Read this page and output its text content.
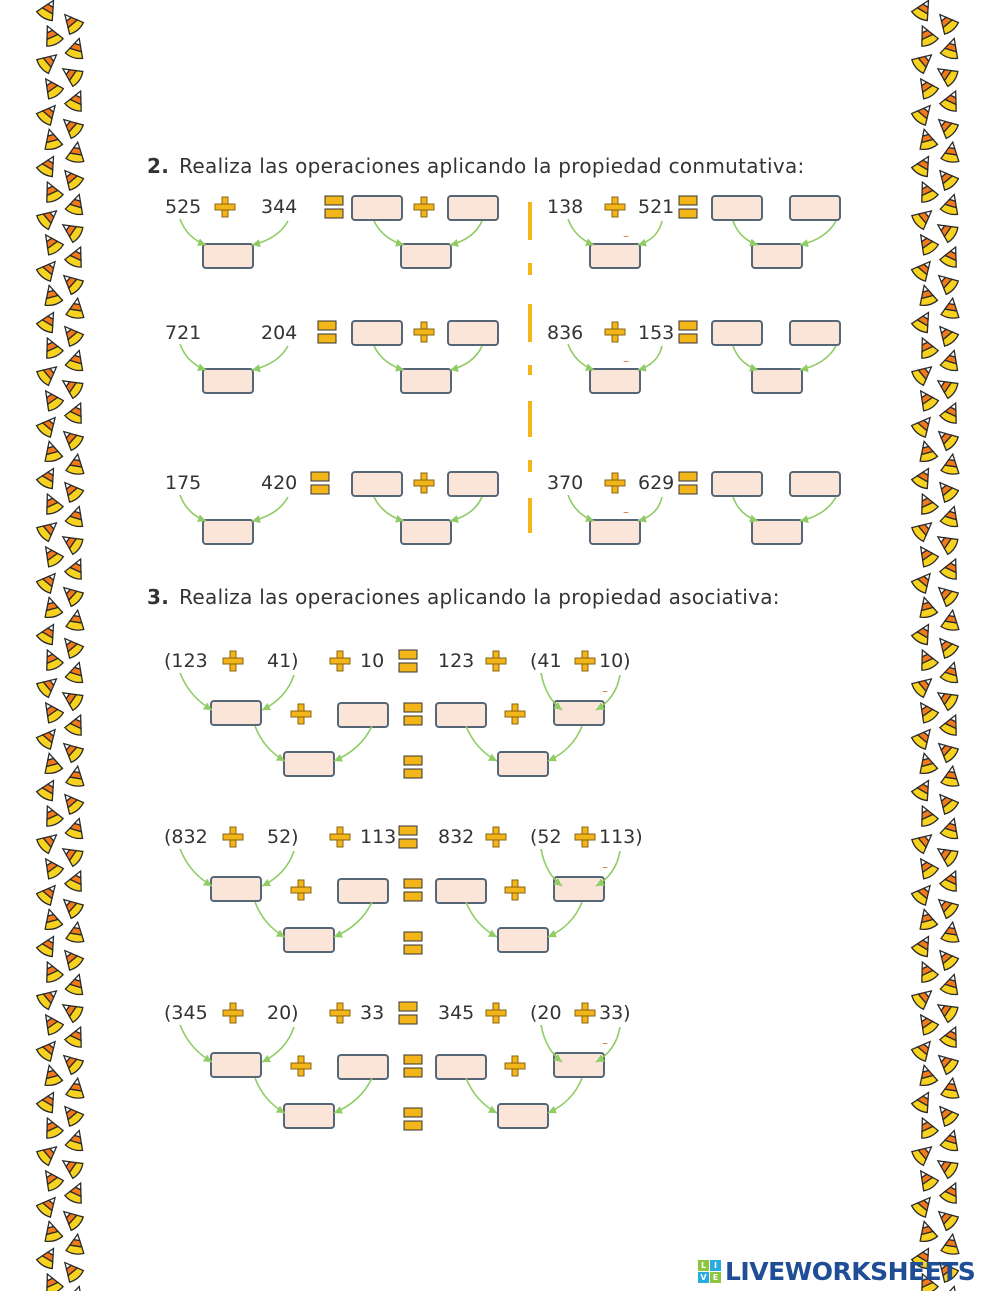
2. Realiza las operaciones aplicando la propiedad conmutativa:
525	344
721	204
175	420
138	521
836	153
370	629
–
–
–
3. Realiza las operaciones aplicando la propiedad asociativa:
(123	41)	10	123	(41 10)
(832	52)	113 832	(52 113)
(345	20)	33	345	(20 33)
–
–
–
L I
V E LIVEWORKSHEETS
